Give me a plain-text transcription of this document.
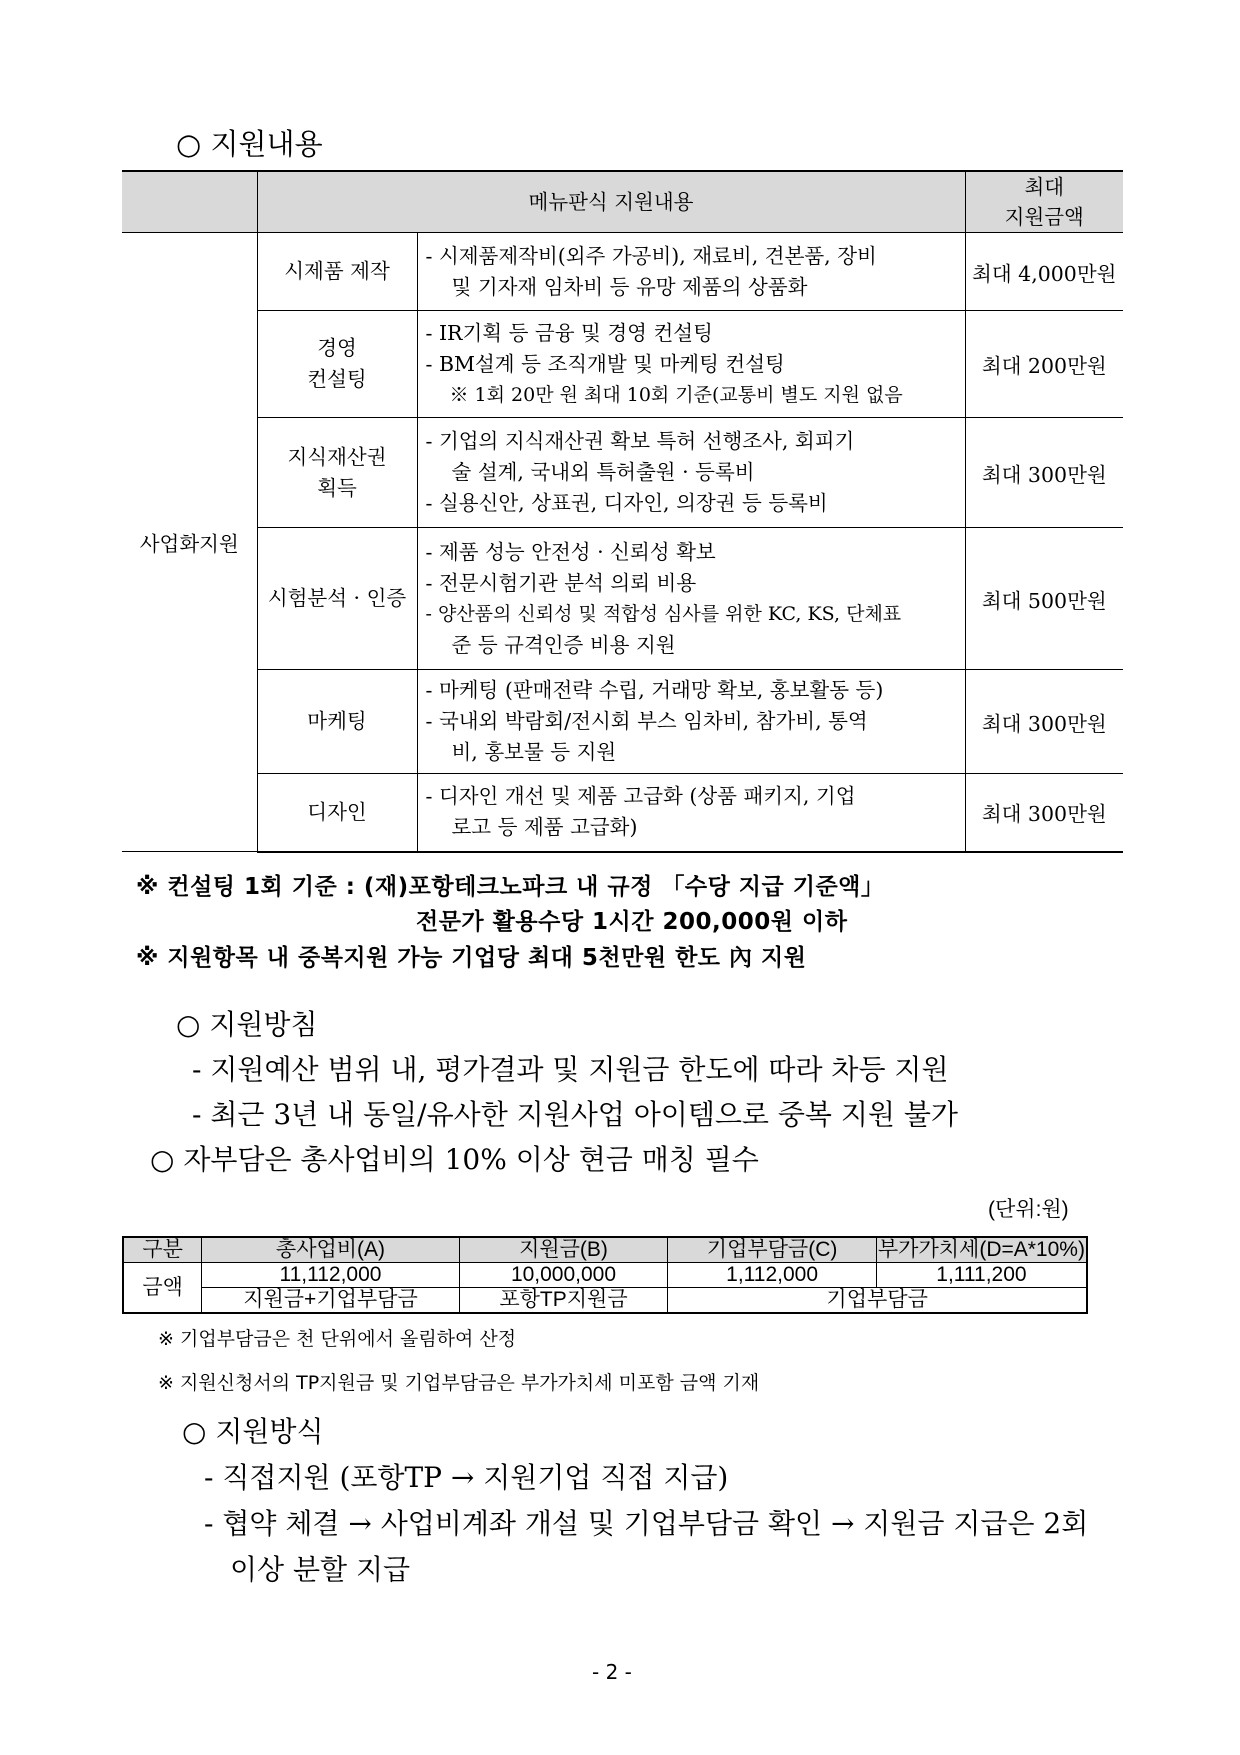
○ 지원내용
	메뉴판식 지원내용		최대
지원금액

사업화지원	시제품 제작	- 시제품제작비(외주 가공비), 재료비, 견본품, 장비
및 기자재 임차비 등 유망 제품의 상품화	최대 4,000만원

	경영
컨설팅	- IR기획 등 금융 및 경영 컨설팅
- BM설계 등 조직개발 및 마케팅 컨설팅
※ 1회 20만 원 최대 10회 기준(교통비 별도 지원 없음	최대 200만원

	지식재산권
획득	- 기업의 지식재산권 확보 특허 선행조사, 회피기
술 설계, 국내외 특허출원 · 등록비
- 실용신안, 상표권, 디자인, 의장권 등 등록비	최대 300만원

	시험분석 · 인증	- 제품 성능 안전성 · 신뢰성 확보
- 전문시험기관 분석 의뢰 비용
- 양산품의 신뢰성 및 적합성 심사를 위한 KC, KS, 단체표
준 등 규격인증 비용 지원	최대 500만원

	마케팅	- 마케팅 (판매전략 수립, 거래망 확보, 홍보활동 등)
- 국내외 박람회/전시회 부스 임차비, 참가비, 통역
비, 홍보물 등 지원	최대 300만원

	디자인	- 디자인 개선 및 제품 고급화 (상품 패키지, 기업
로고 등 제품 고급화)	최대 300만원
※ 컨설팅 1회 기준 : (재)포항테크노파크 내 규정 「수당 지급 기준액」
전문가 활용수당 1시간 200,000원 이하
※ 지원항목 내 중복지원 가능 기업당 최대 5천만원 한도 內 지원
○ 지원방침
- 지원예산 범위 내, 평가결과 및 지원금 한도에 따라 차등 지원
- 최근 3년 내 동일/유사한 지원사업 아이템으로 중복 지원 불가
○ 자부담은 총사업비의 10% 이상 현금 매칭 필수
(단위:원)
구분	총사업비(A)	지원금(B)	기업부담금(C)	부가가치세(D=A*10%)
금액	11,112,000	10,000,000	1,112,000	1,111,200
	지원금+기업부담금	포항TP지원금	기업부담금	
※ 기업부담금은 천 단위에서 올림하여 산정
※ 지원신청서의 TP지원금 및 기업부담금은 부가가치세 미포함 금액 기재
○ 지원방식
- 직접지원 (포항TP → 지원기업 직접 지급)
- 협약 체결 → 사업비계좌 개설 및 기업부담금 확인 → 지원금 지급은 2회
이상 분할 지급
- 2 -
